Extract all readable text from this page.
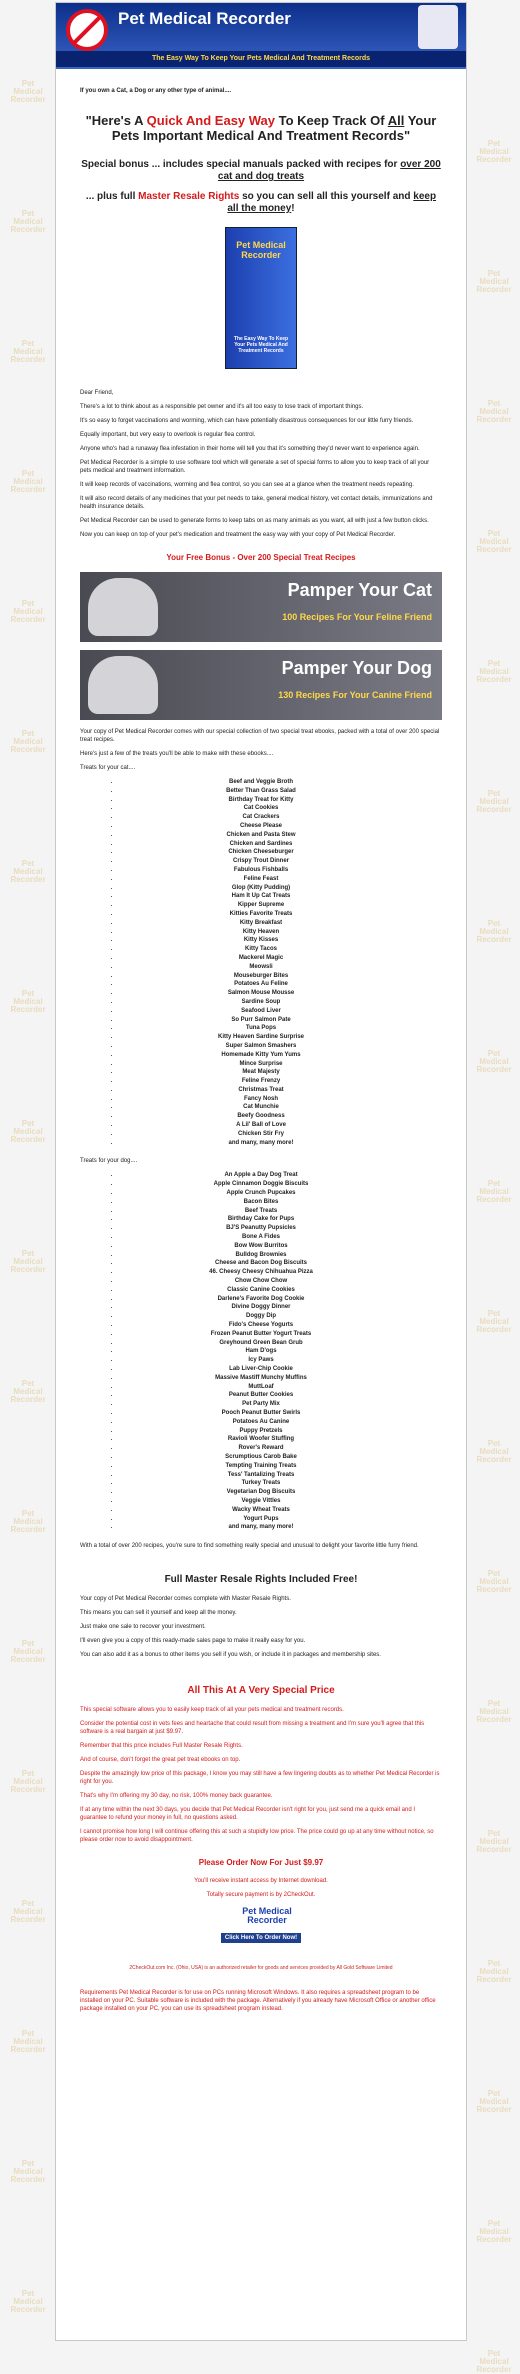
Pet Medical Recorder
Pet Medical Recorder
Pet Medical Recorder
Pet Medical Recorder
Pet Medical Recorder
Pet Medical Recorder
Pet Medical Recorder
Pet Medical Recorder
Pet Medical Recorder
Pet Medical Recorder
Pet Medical Recorder
Pet Medical Recorder
Pet Medical Recorder
Pet Medical Recorder
Pet Medical Recorder
Pet Medical Recorder
Pet Medical Recorder
Pet Medical Recorder
Pet Medical Recorder
Pet Medical Recorder
Pet Medical Recorder
Pet Medical Recorder
Pet Medical Recorder
Pet Medical Recorder
Pet Medical Recorder
Pet Medical Recorder
Pet Medical Recorder
Pet Medical Recorder
Pet Medical Recorder
Pet Medical Recorder
Pet Medical Recorder
Pet Medical Recorder
Pet Medical Recorder
Pet Medical Recorder
Pet Medical Recorder
Pet Medical Recorder
Pet Medical Recorder
The Easy Way To Keep Your Pets Medical And Treatment Records
If you own a Cat, a Dog or any other type of animal....
"Here's A Quick And Easy Way To Keep Track Of All Your Pets Important Medical And Treatment Records"
Special bonus ... includes special manuals packed with recipes for over 200 cat and dog treats
... plus full Master Resale Rights so you can sell all this yourself and keep all the money!
Pet Medical Recorder
The Easy Way To Keep Your Pets Medical And Treatment Records

Dear Friend,

There's a lot to think about as a responsible pet owner and it's all too easy to lose track of important things.

It's so easy to forget vaccinations and worming, which can have potentially disastrous consequences for our little furry friends.

Equally important, but very easy to overlook is regular flea control.

Anyone who's had a runaway flea infestation in their home will tell you that it's something they'd never want to experience again.

Pet Medical Recorder is a simple to use software tool which will generate a set of special forms to allow you to keep track of all your pets medical and treatment information.

It will keep records of vaccinations, worming and flea control, so you can see at a glance when the treatment needs repeating.

It will also record details of any medicines that your pet needs to take, general medical history, vet contact details, immunizations and health insurance details.

Pet Medical Recorder can be used to generate forms to keep tabs on as many animals as you want, all with just a few button clicks.

Now you can keep on top of your pet's medication and treatment the easy way with your copy of Pet Medical Recorder.

Your Free Bonus - Over 200 Special Treat Recipes
Pamper Your Cat
100 Recipes For Your Feline Friend
Pamper Your Dog
130 Recipes For Your Canine Friend

Your copy of Pet Medical Recorder comes with our special collection of two special treat ebooks, packed with a total of over 200 special treat recipes.

Here's just a few of the treats you'll be able to make with these ebooks....

Treats for your cat....

• Beef and Veggie Broth
• Better Than Grass Salad
• Birthday Treat for Kitty
• Cat Cookies
• Cat Crackers
• Cheese Please
• Chicken and Pasta Stew
• Chicken and Sardines
• Chicken Cheeseburger
• Crispy Trout Dinner
• Fabulous Fishballs
• Feline Feast
• Glop (Kitty Pudding)
• Ham It Up Cat Treats
• Kipper Supreme
• Kitties Favorite Treats
• Kitty Breakfast
• Kitty Heaven
• Kitty Kisses
• Kitty Tacos
• Mackerel Magic
• Meowsli
• Mouseburger Bites
• Potatoes Au Feline
• Salmon Mouse Mousse
• Sardine Soup
• Seafood Liver
• So Purr Salmon Pate
• Tuna Pops
• Kitty Heaven Sardine Surprise
• Super Salmon Smashers
• Homemade Kitty Yum Yums
• Mince Surprise
• Meat Majesty
• Feline Frenzy
• Christmas Treat
• Fancy Nosh
• Cat Munchie
• Beefy Goodness
• A Lil' Ball of Love
• Chicken Stir Fry
• and many, many more!

Treats for your dog....

• An Apple a Day Dog Treat
• Apple Cinnamon Doggie Biscuits
• Apple Crunch Pupcakes
• Bacon Bites
• Beef Treats
• Birthday Cake for Pups
• BJ'S Peanutty Pupsicles
• Bone A Fides
• Bow Wow Burritos
• Bulldog Brownies
• Cheese and Bacon Dog Biscuits
• 46. Cheesy Cheesy Chihuahua Pizza
• Chow Chow Chow
• Classic Canine Cookies
• Darlene's Favorite Dog Cookie
• Divine Doggy Dinner
• Doggy Dip
• Fido's Cheese Yogurts
• Frozen Peanut Butter Yogurt Treats
• Greyhound Green Bean Grub
• Ham D'ogs
• Icy Paws
• Lab Liver-Chip Cookie
• Massive Mastiff Munchy Muffins
• MuttLoaf
• Peanut Butter Cookies
• Pet Party Mix
• Pooch Peanut Butter Swirls
• Potatoes Au Canine
• Puppy Pretzels
• Ravioli Woofer Stuffing
• Rover's Reward
• Scrumptious Carob Bake
• Tempting Training Treats
• Tess' Tantalizing Treats
• Turkey Treats
• Vegetarian Dog Biscuits
• Veggie Vittles
• Wacky Wheat Treats
• Yogurt Pups
• and many, many more!

With a total of over 200 recipes, you're sure to find something really special and unusual to delight your favorite little furry friend.

Full Master Resale Rights Included Free!

Your copy of Pet Medical Recorder comes complete with Master Resale Rights.

This means you can sell it yourself and keep all the money.

Just make one sale to recover your investment.

I'll even give you a copy of this ready-made sales page to make it really easy for you.

You can also add it as a bonus to other items you sell if you wish, or include it in packages and membership sites.

All This At A Very Special Price

This special software allows you to easily keep track of all your pets medical and treatment records.

Consider the potential cost in vets fees and heartache that could result from missing a treatment and I'm sure you'll agree that this software is a real bargain at just $9.97.

Remember that this price includes Full Master Resale Rights.

And of course, don't forget the great pet treat ebooks on top.

Despite the amazingly low price of this package, I know you may still have a few lingering doubts as to whether Pet Medical Recorder is right for you.

That's why I'm offering my 30 day, no risk, 100% money back guarantee.

If at any time within the next 30 days, you decide that Pet Medical Recorder isn't right for you, just send me a quick email and I guarantee to refund your money in full, no questions asked.

I cannot promise how long I will continue offering this at such a stupidly low price. The price could go up at any time without notice, so please order now to avoid disappointment.

Please Order Now For Just $9.97

You'll receive instant access by Internet download.

Totally secure payment is by 2CheckOut.

Pet Medical Recorder
Click Here To Order Now!
2CheckOut.com Inc. (Ohio, USA) is an authorized retailer for goods and services provided by All Gold Software Limited

Requirements Pet Medical Recorder is for use on PCs running Microsoft Windows. It also requires a spreadsheet program to be installed on your PC. Suitable software is included with the package. Alternatively if you already have Microsoft Office or another office package installed on your PC, you can use its spreadsheet program instead.
